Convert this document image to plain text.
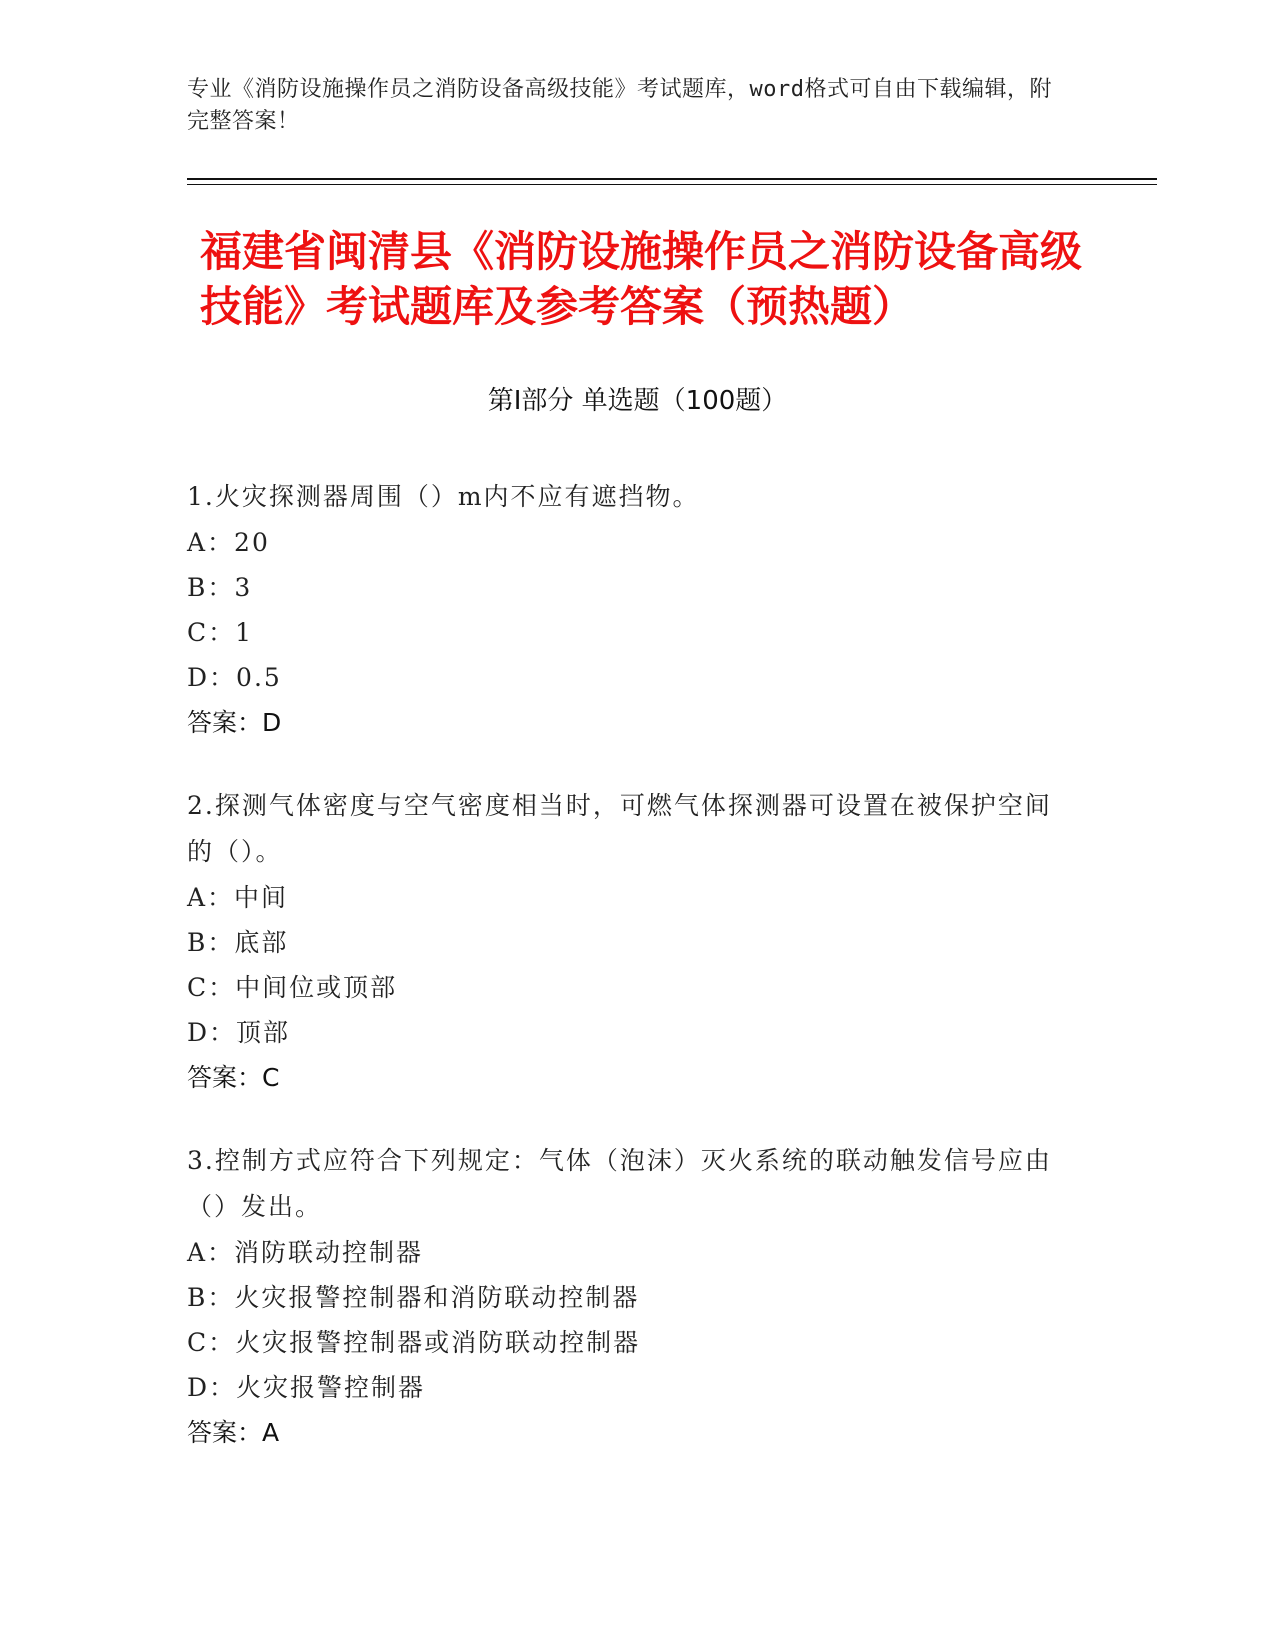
专业《消防设施操作员之消防设备高级技能》考试题库，word格式可自由下载编辑，附完整答案！
福建省闽清县《消防设施操作员之消防设备高级技能》考试题库及参考答案（预热题）
第Ⅰ部分 单选题（100题）

1.火灾探测器周围（）m内不应有遮挡物。

A：20
B：3
C：1
D：0.5
答案：D

2.探测气体密度与空气密度相当时，可燃气体探测器可设置在被保护空间的（）。

A：中间
B：底部
C：中间位或顶部
D：顶部
答案：C

3.控制方式应符合下列规定：气体（泡沫）灭火系统的联动触发信号应由（）发出。

A：消防联动控制器
B：火灾报警控制器和消防联动控制器
C：火灾报警控制器或消防联动控制器
D：火灾报警控制器
答案：A
